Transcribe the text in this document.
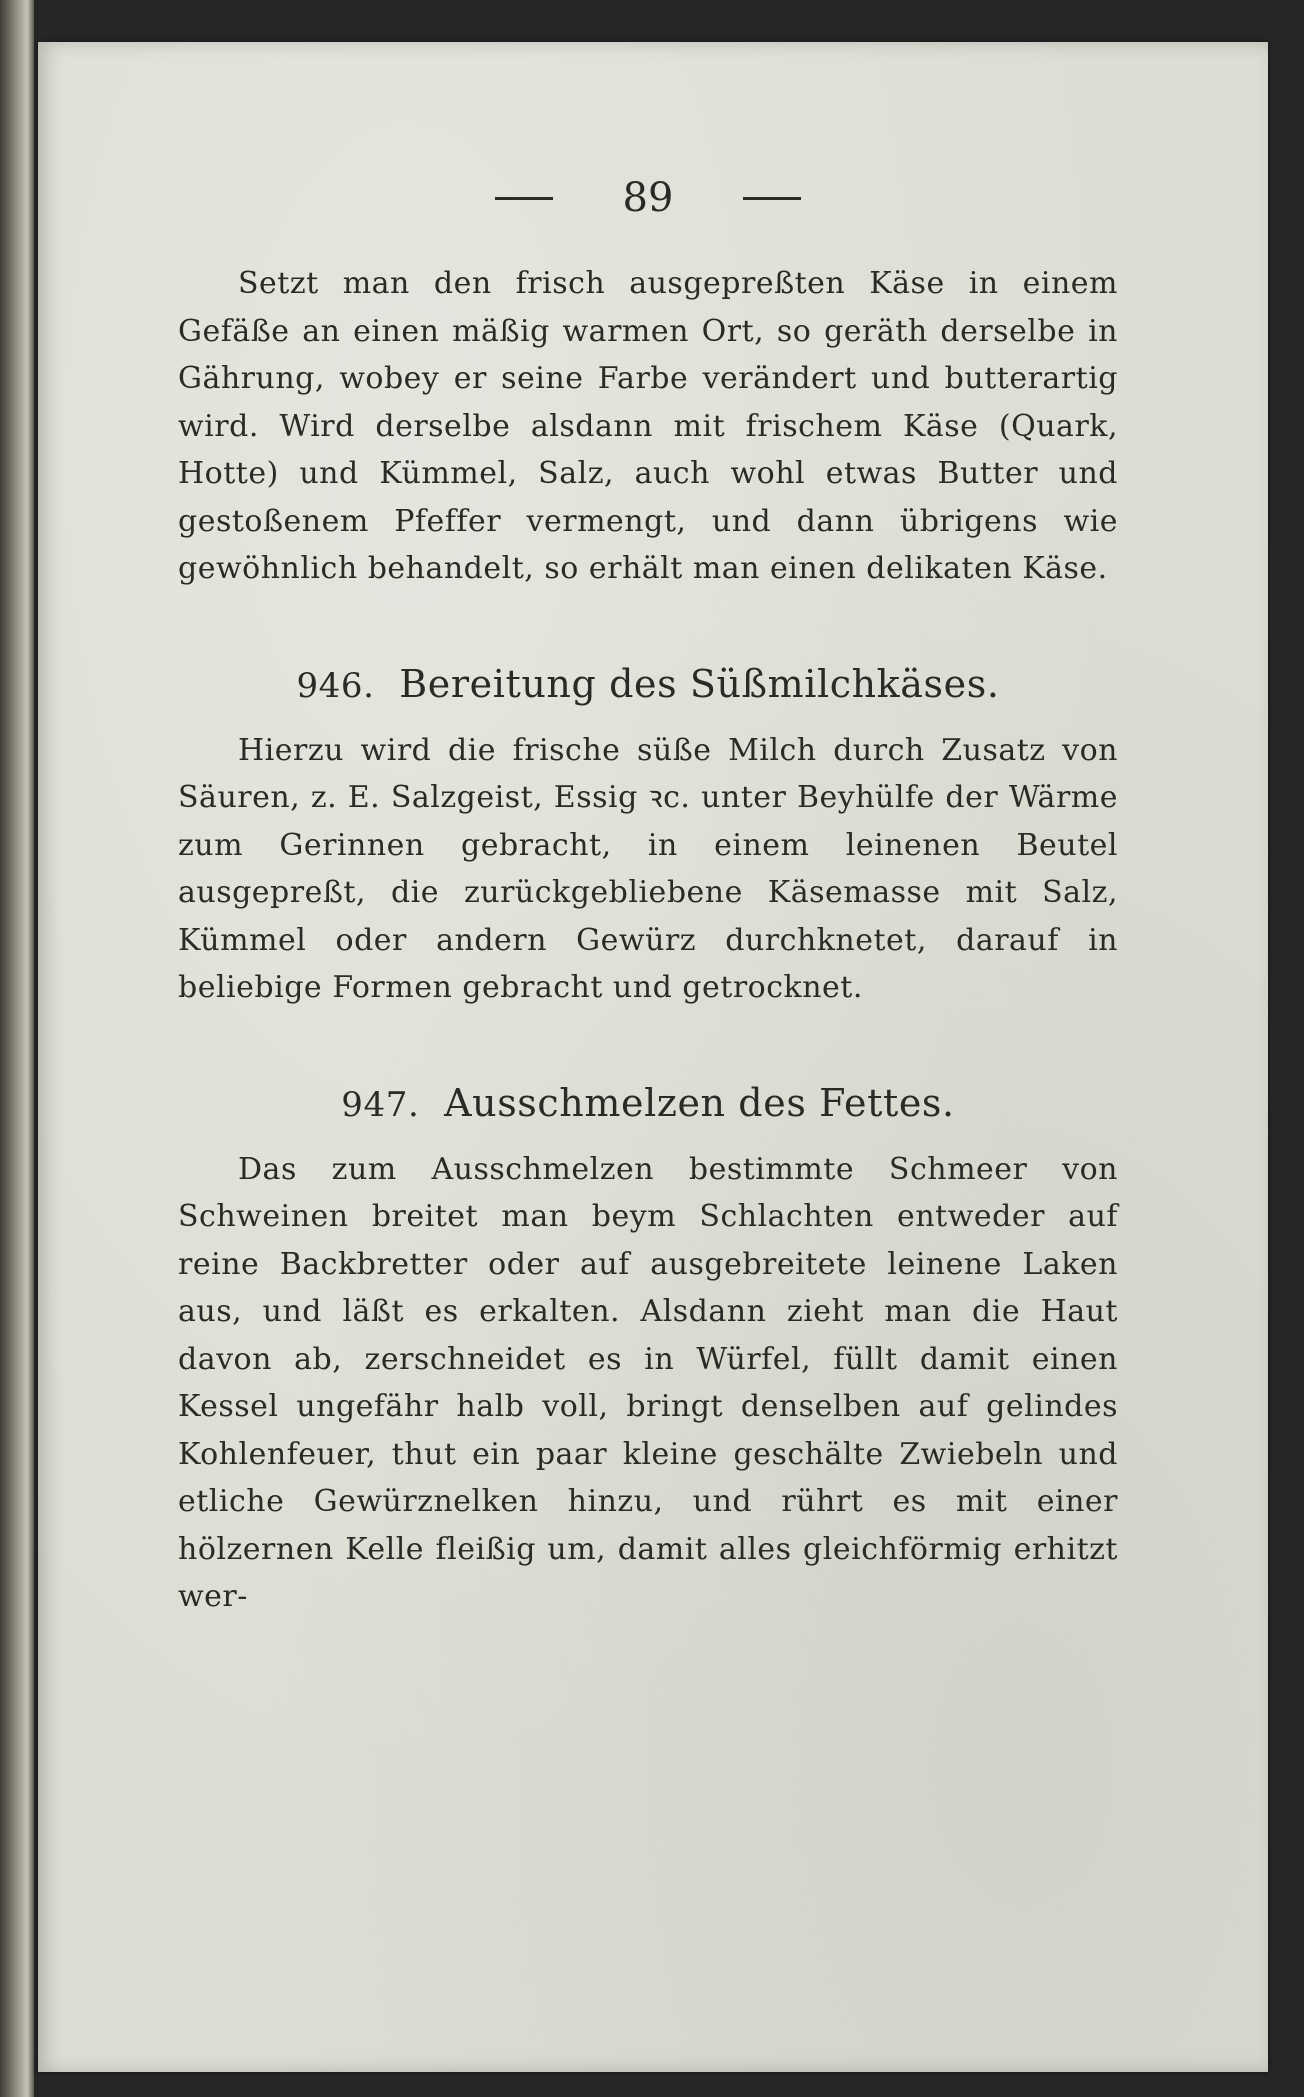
89

Setzt man den frisch ausgepreßten Käse in einem Gefäße an einen mäßig warmen Ort, so geräth derselbe in Gährung, wobey er seine Farbe verändert und butterartig wird. Wird derselbe alsdann mit frischem Käse (Quark, Hotte) und Kümmel, Salz, auch wohl etwas Butter und gestoßenem Pfeffer vermengt, und dann übrigens wie gewöhnlich behandelt, so erhält man einen delikaten Käse.

946. Bereitung des Süßmilchkäses.

Hierzu wird die frische süße Milch durch Zusatz von Säuren, z. E. Salzgeist, Essig ꝛc. unter Beyhülfe der Wärme zum Gerinnen gebracht, in einem leinenen Beutel ausgepreßt, die zurückgebliebene Käsemasse mit Salz, Kümmel oder andern Gewürz durchknetet, darauf in beliebige Formen gebracht und getrocknet.

947. Ausschmelzen des Fettes.

Das zum Ausschmelzen bestimmte Schmeer von Schweinen breitet man beym Schlachten entweder auf reine Backbretter oder auf ausgebreitete leinene Laken aus, und läßt es erkalten. Alsdann zieht man die Haut davon ab, zerschneidet es in Würfel, füllt damit einen Kessel ungefähr halb voll, bringt denselben auf gelindes Kohlenfeuer, thut ein paar kleine geschälte Zwiebeln und etliche Gewürznelken hinzu, und rührt es mit einer hölzernen Kelle fleißig um, damit alles gleichförmig erhitzt wer-
